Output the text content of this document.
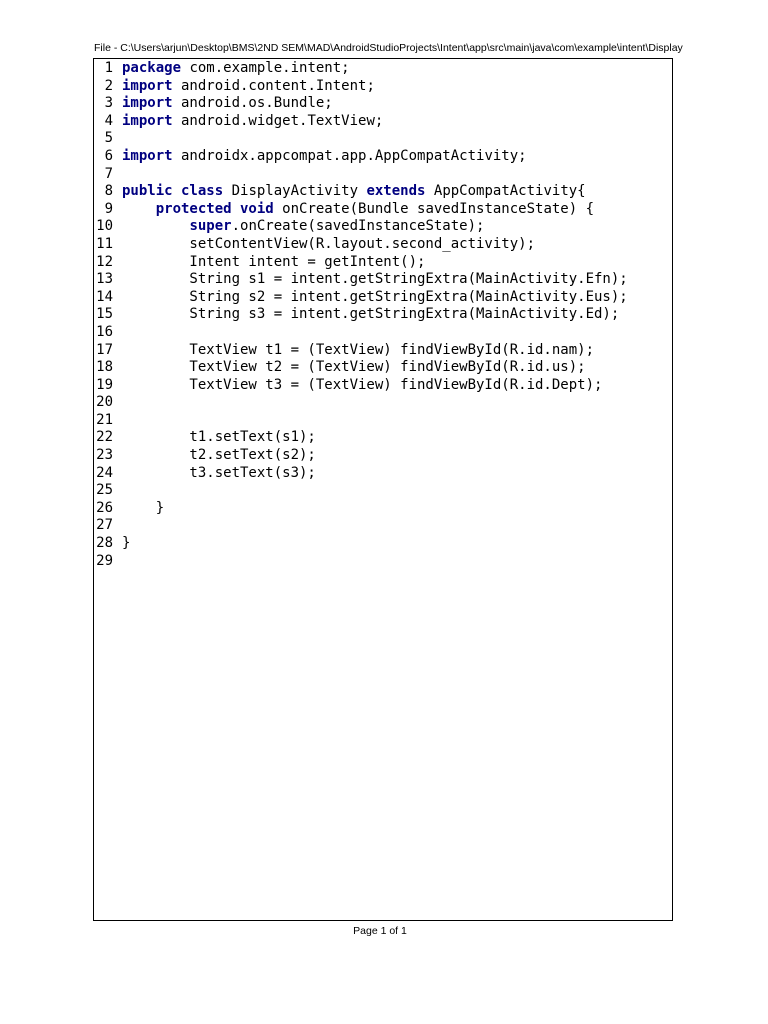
File - C:\Users\arjun\Desktop\BMS\2ND SEM\MAD\AndroidStudioProjects\Intent\app\src\main\java\com\example\intent\Display
1 package com.example.intent;
2 import android.content.Intent;
3 import android.os.Bundle;
4 import android.widget.TextView;
5
6 import androidx.appcompat.app.AppCompatActivity;
7
8 public class DisplayActivity extends AppCompatActivity{
9	protected void onCreate(Bundle savedInstanceState) {
10	super.onCreate(savedInstanceState);
11 setContentView(R.layout.second_activity);
12 Intent intent = getIntent();
13 String s1 = intent.getStringExtra(MainActivity.Efn);
14 String s2 = intent.getStringExtra(MainActivity.Eus);
15 String s3 = intent.getStringExtra(MainActivity.Ed);
16
17 TextView t1 = (TextView) findViewById(R.id.nam);
18 TextView t2 = (TextView) findViewById(R.id.us);
19 TextView t3 = (TextView) findViewById(R.id.Dept);
20
21
22 t1.setText(s1);
23 t2.setText(s2);
24 t3.setText(s3);
25
26 }
27
28 }
29
Page 1 of 1
